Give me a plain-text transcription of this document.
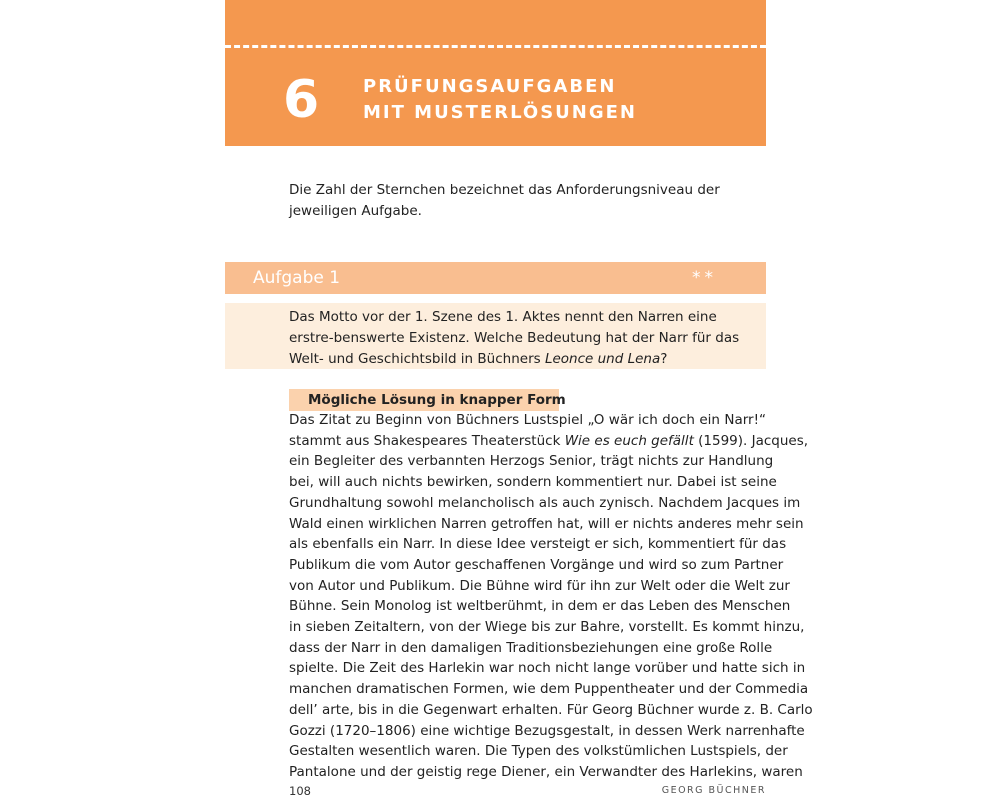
6 PRÜFUNGSAUFGABEN
MIT MUSTERLÖSUNGEN
Die Zahl der Sternchen bezeichnet das Anforderungsniveau der jeweiligen Aufgabe.
Aufgabe 1	**
Das Motto vor der 1. Szene des 1. Aktes nennt den Narren eine erstre-benswerte Existenz. Welche Bedeutung hat der Narr für das Welt- und Geschichtsbild in Büchners Leonce und Lena?
Mögliche Lösung in knapper Form
Das Zitat zu Beginn von Büchners Lustspiel „O wär ich doch ein Narr!“
stammt aus Shakespeares Theaterstück Wie es euch gefällt (1599). Jacques,
ein Begleiter des verbannten Herzogs Senior, trägt nichts zur Handlung
bei, will auch nichts bewirken, sondern kommentiert nur. Dabei ist seine
Grundhaltung sowohl melancholisch als auch zynisch. Nachdem Jacques im
Wald einen wirklichen Narren getroffen hat, will er nichts anderes mehr sein
als ebenfalls ein Narr. In diese Idee versteigt er sich, kommentiert für das
Publikum die vom Autor geschaffenen Vorgänge und wird so zum Partner
von Autor und Publikum. Die Bühne wird für ihn zur Welt oder die Welt zur
Bühne. Sein Monolog ist weltberühmt, in dem er das Leben des Menschen
in sieben Zeitaltern, von der Wiege bis zur Bahre, vorstellt. Es kommt hinzu,
dass der Narr in den damaligen Traditionsbeziehungen eine große Rolle
spielte. Die Zeit des Harlekin war noch nicht lange vorüber und hatte sich in
manchen dramatischen Formen, wie dem Puppentheater und der Commedia
dell’ arte, bis in die Gegenwart erhalten. Für Georg Büchner wurde z. B. Carlo
Gozzi (1720–1806) eine wichtige Bezugsgestalt, in dessen Werk narrenhafte
Gestalten wesentlich waren. Die Typen des volkstümlichen Lustspiels, der
Pantalone und der geistig rege Diener, ein Verwandter des Harlekins, waren
108	GEORG BÜCHNER
